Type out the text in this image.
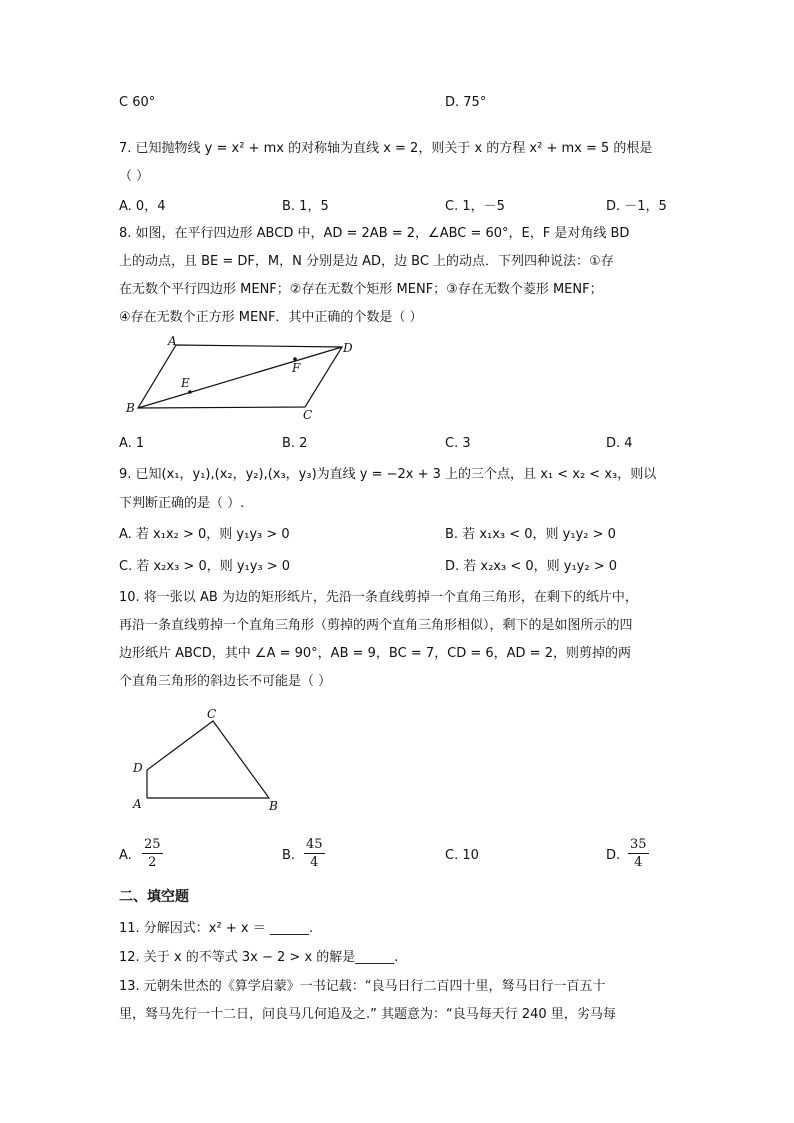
C 60°	D. 75°
7. 已知抛物线 y = x² + mx 的对称轴为直线 x = 2，则关于 x 的方程 x² + mx = 5 的根是
（ ）
A. 0，4	B. 1，5	C. 1，－5	D. －1，5
8. 如图，在平行四边形 ABCD 中，AD = 2AB = 2，∠ABC = 60°，E，F 是对角线 BD
上的动点，且 BE = DF，M，N 分别是边 AD，边 BC 上的动点．下列四种说法：①存
在无数个平行四边形 MENF；②存在无数个矩形 MENF；③存在无数个菱形 MENF；
④存在无数个正方形 MENF．其中正确的个数是（ ）
A	D
B	C
E
F
A. 1	B. 2	C. 3	D. 4
9. 已知(x₁，y₁),(x₂，y₂),(x₃，y₃)为直线 y = −2x + 3 上的三个点，且 x₁ < x₂ < x₃，则以
下判断正确的是（ ）.
A. 若 x₁x₂ > 0，则 y₁y₃ > 0	B. 若 x₁x₃ < 0，则 y₁y₂ > 0
C. 若 x₂x₃ > 0，则 y₁y₃ > 0	D. 若 x₂x₃ < 0，则 y₁y₂ > 0
10. 将一张以 AB 为边的矩形纸片，先沿一条直线剪掉一个直角三角形，在剩下的纸片中，
再沿一条直线剪掉一个直角三角形（剪掉的两个直角三角形相似），剩下的是如图所示的四
边形纸片 ABCD，其中 ∠A = 90°，AB = 9，BC = 7，CD = 6，AD = 2，则剪掉的两
个直角三角形的斜边长不可能是（ ）
C
D
A	B
A. $\frac{25}{2}$	B. $\frac{45}{4}$	C. 10	D. $\frac{35}{4}$
二、填空题
11. 分解因式：x² + x ＝ ______.
12. 关于 x 的不等式 3x − 2 > x 的解是______.
13. 元朝朱世杰的《算学启蒙》一书记载：“良马日行二百四十里，驽马日行一百五十
里，驽马先行一十二日，问良马几何追及之.” 其题意为：“良马每天行 240 里，劣马每
